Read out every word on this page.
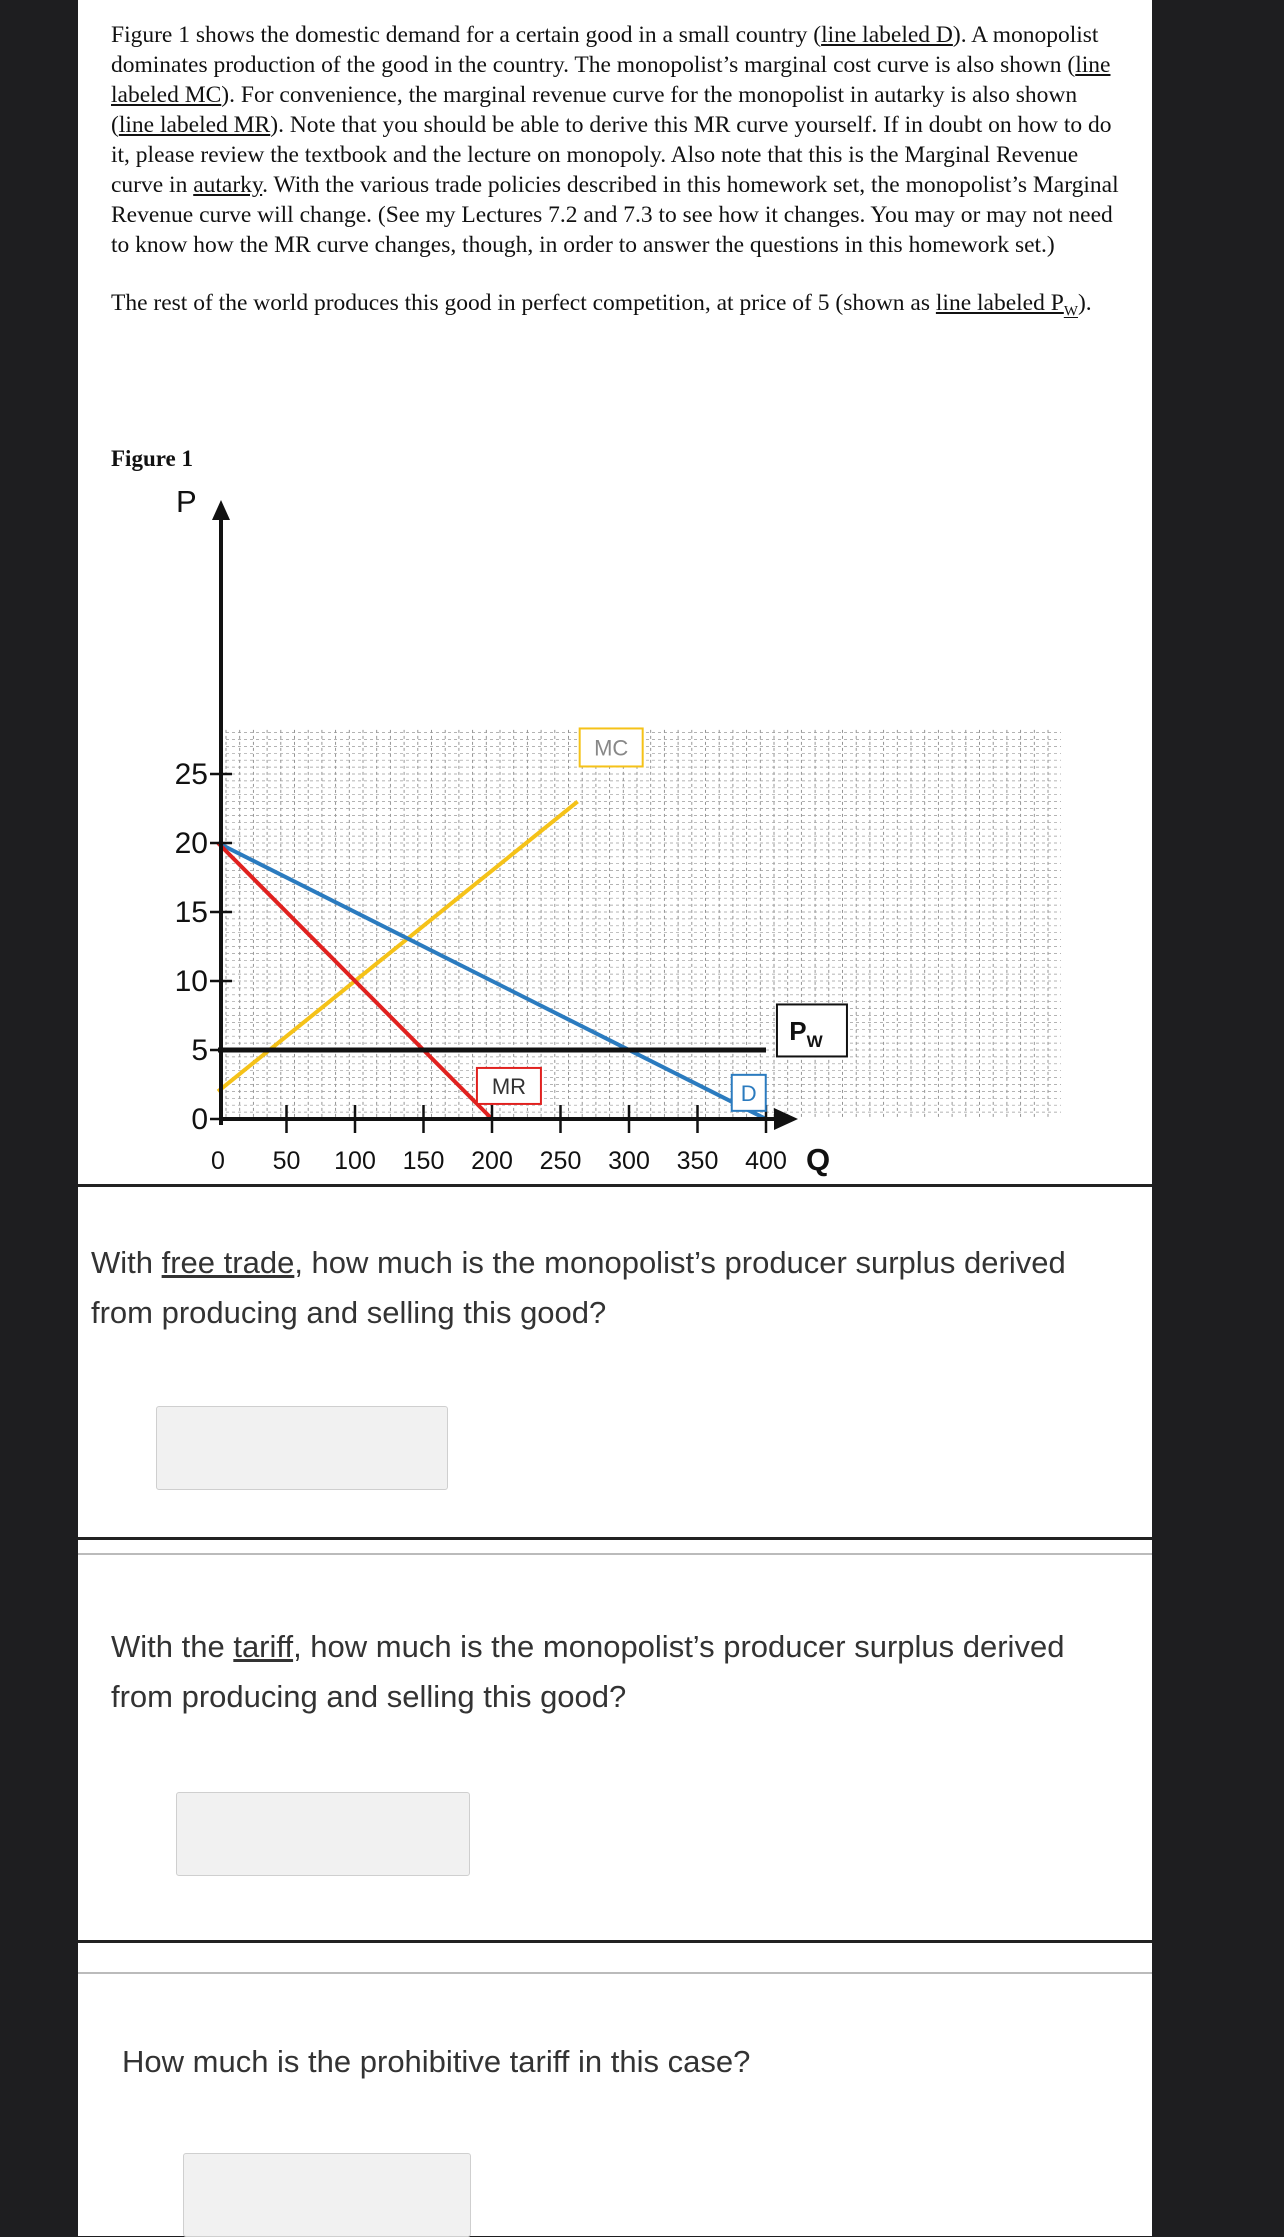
Figure 1 shows the domestic demand for a certain good in a small country (line labeled D). A monopolist dominates production of the good in the country. The monopolist’s marginal cost curve is also shown (line labeled MC). For convenience, the marginal revenue curve for the monopolist in autarky is also shown (line labeled MR). Note that you should be able to derive this MR curve yourself. If in doubt on how to do it, please review the textbook and the lecture on monopoly. Also note that this is the Marginal Revenue curve in autarky. With the various trade policies described in this homework set, the monopolist’s Marginal Revenue curve will change. (See my Lectures 7.2 and 7.3 to see how it changes. You may or may not need to know how the MR curve changes, though, in order to answer the questions in this homework set.)

The rest of the world produces this good in perfect competition, at price of 5 (shown as line labeled $P_W$).

Figure 1
0
5
10
15
20
25
0 50 100 150 200 250 300 350 400
P
Q
MC
MR	D
$P_W$
With free trade, how much is the monopolist’s producer surplus derived from producing and selling this good?
With the tariff, how much is the monopolist’s producer surplus derived from producing and selling this good?
How much is the prohibitive tariff in this case?
